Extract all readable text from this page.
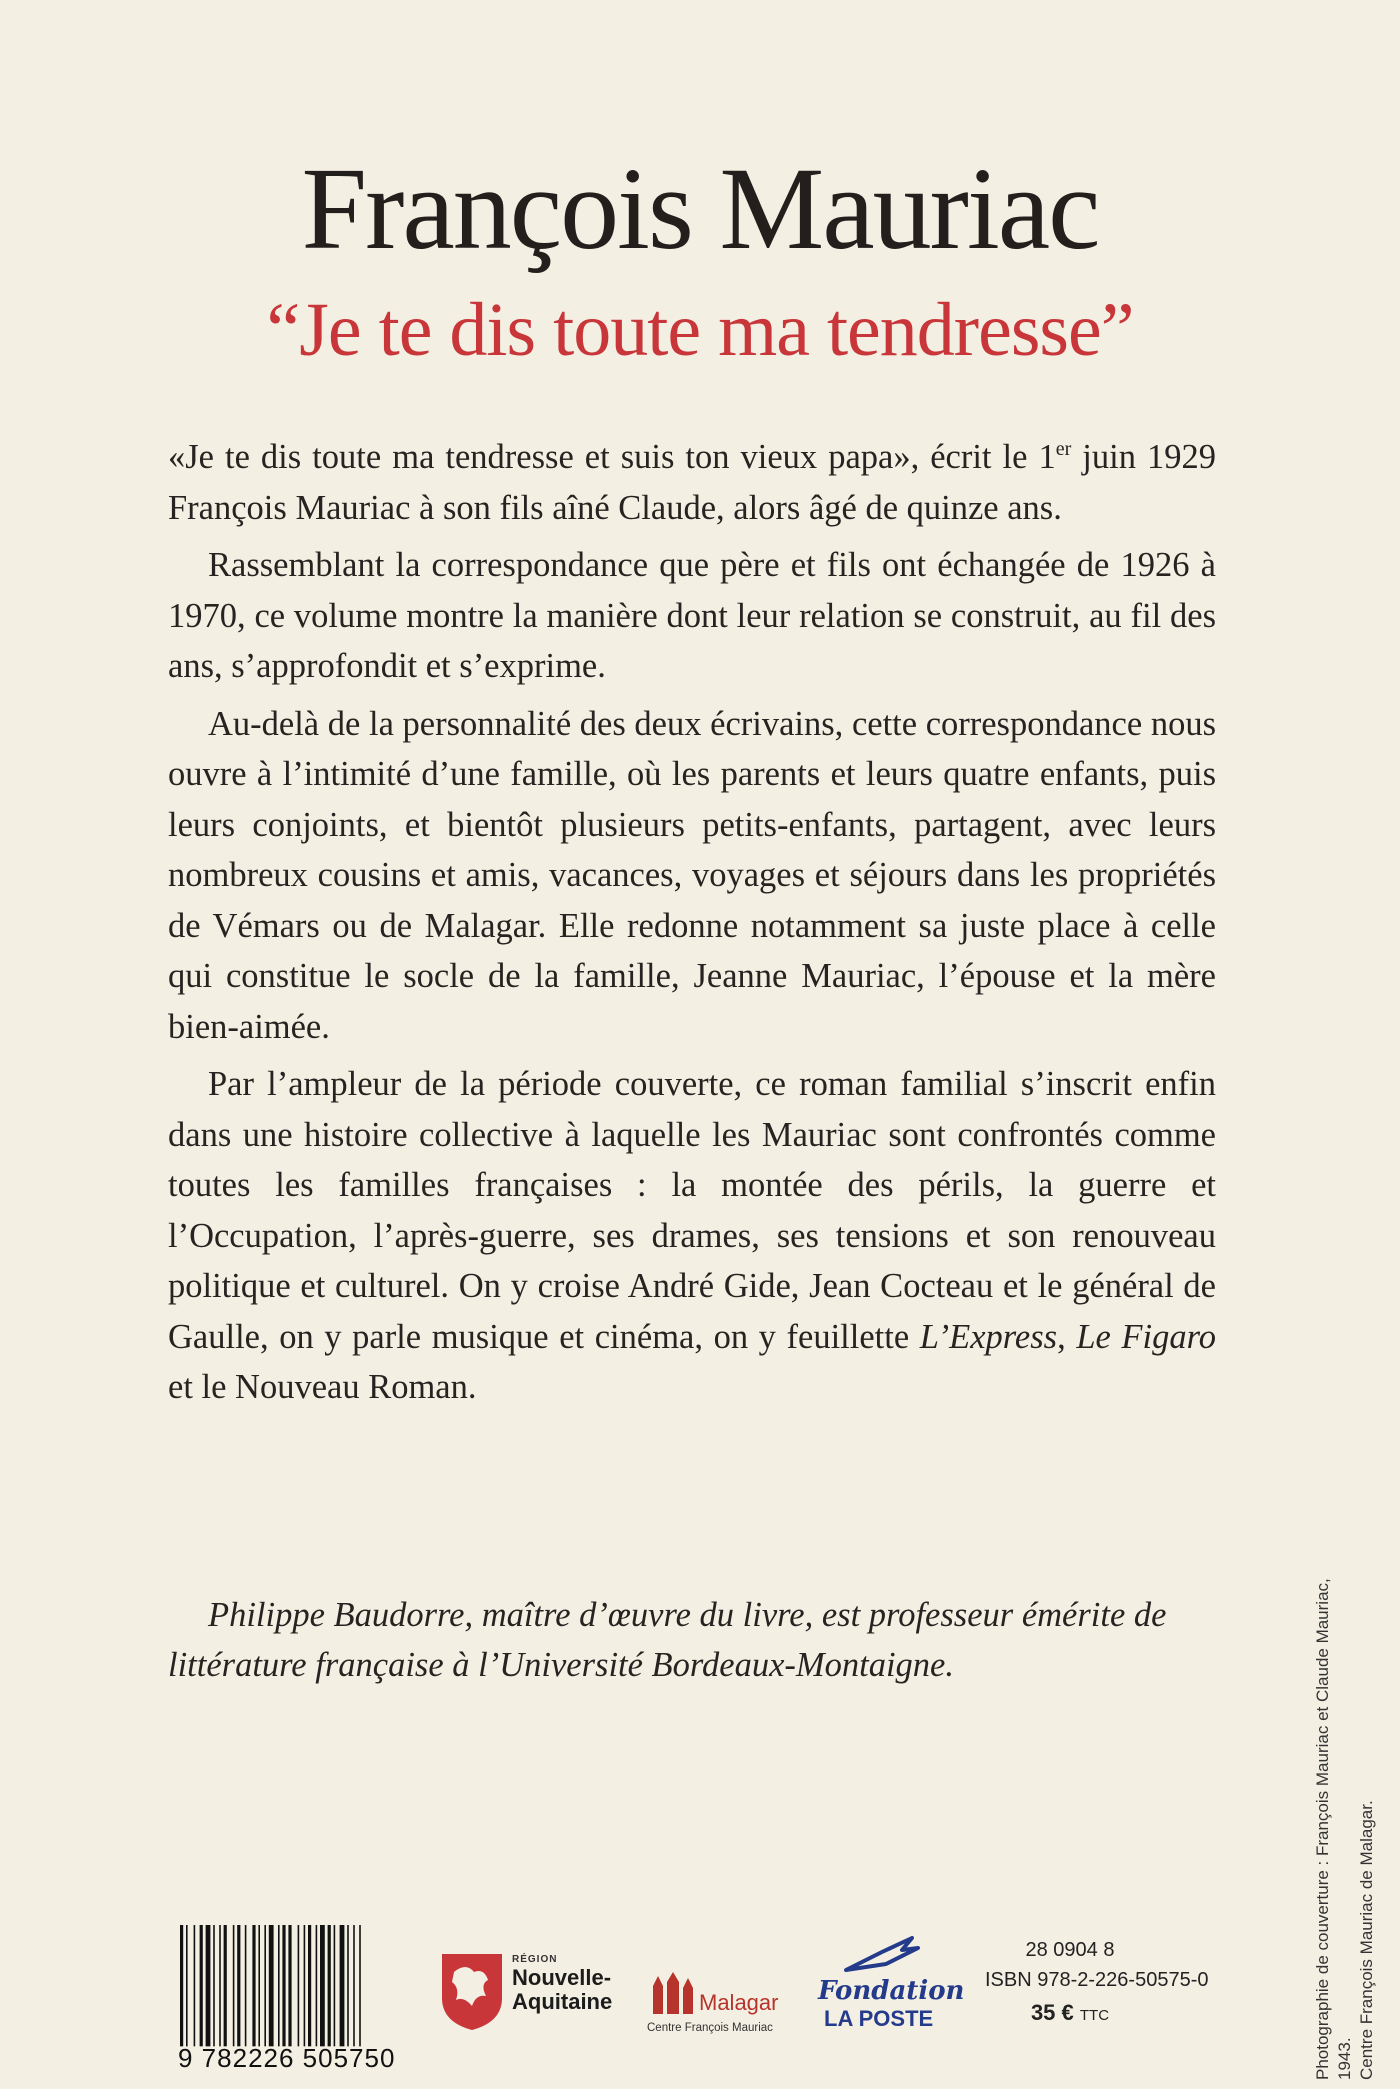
François Mauriac
“Je te dis toute ma tendresse”

«Je te dis toute ma tendresse et suis ton vieux papa», écrit le 1er juin 1929 François Mauriac à son fils aîné Claude, alors âgé de quinze ans.

Rassemblant la correspondance que père et fils ont échangée de 1926 à 1970, ce volume montre la manière dont leur relation se construit, au fil des ans, s’approfondit et s’exprime.

Au-delà de la personnalité des deux écrivains, cette correspondance nous ouvre à l’intimité d’une famille, où les parents et leurs quatre enfants, puis leurs conjoints, et bientôt plusieurs petits-enfants, partagent, avec leurs nombreux cousins et amis, vacances, voyages et séjours dans les propriétés de Vémars ou de Malagar. Elle redonne notamment sa juste place à celle qui constitue le socle de la famille, Jeanne Mauriac, l’épouse et la mère bien-aimée.

Par l’ampleur de la période couverte, ce roman familial s’inscrit enfin dans une histoire collective à laquelle les Mauriac sont confrontés comme toutes les familles françaises : la montée des périls, la guerre et l’Occupation, l’après-guerre, ses drames, ses tensions et son renouveau politique et culturel. On y croise André Gide, Jean Cocteau et le général de Gaulle, on y parle musique et cinéma, on y feuillette L’Express, Le Figaro et le Nouveau Roman.

Philippe Baudorre, maître d’œuvre du livre, est professeur émérite de littérature française à l’Université Bordeaux-Montaigne.	Photographie de couverture : François Mauriac et Claude Mauriac, 1943. Centre François Mauriac de Malagar.
9 782226 505750
RÉGION
Nouvelle-
Aquitaine	Malagar
Centre François Mauriac
Fondation
LA POSTE
28 0904 8
ISBN 978-2-226-50575-0
35 € TTC
